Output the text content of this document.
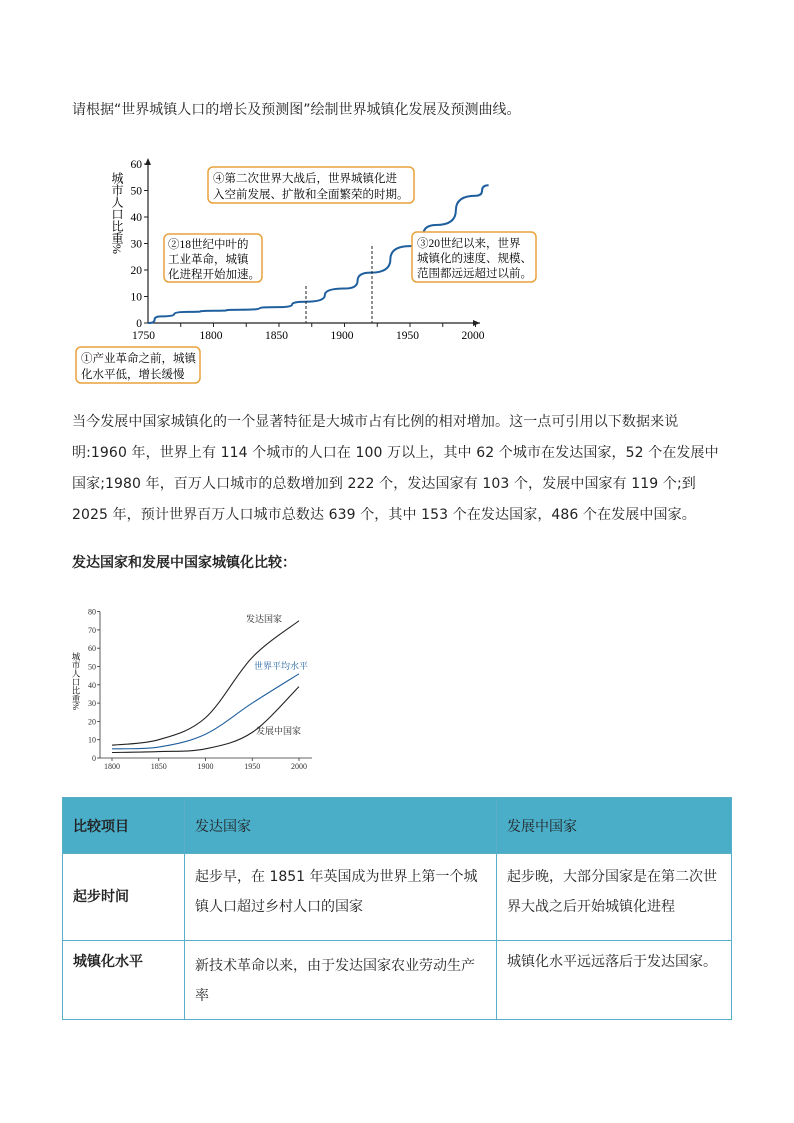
请根据“世界城镇人口的增长及预测图”绘制世界城镇化发展及预测曲线。

0
10
20
30
40
50
60
1750	1800	1850	1900	1950	2000
城市人口比重%
①产业革命之前，城镇
化水平低，增长缓慢
②18世纪中叶的
工业革命，城镇
化进程开始加速。
③20世纪以来，世界
城镇化的速度、规模、
范围都远远超过以前。
④第二次世界大战后，世界城镇化进
入空前发展、扩散和全面繁荣的时期。

当今发展中国家城镇化的一个显著特征是大城市占有比例的相对增加。这一点可引用以下数据来说明:1960 年，世界上有 114 个城市的人口在 100 万以上，其中 62 个城市在发达国家，52 个在发展中国家;1980 年，百万人口城市的总数增加到 222 个，发达国家有 103 个，发展中国家有 119 个;到 2025 年，预计世界百万人口城市总数达 639 个，其中 153 个在发达国家，486 个在发展中国家。

发达国家和发展中国家城镇化比较：

0
10
20
30
40
50
60
70
80
1800	1850	1900	1950	2000
发达国家
世界平均水平
发展中国家
城市人口比重%
比较项目	发达国家	发展中国家
起步时间	起步早，在 1851 年英国成为世界上第一个城镇人口超过乡村人口的国家	起步晚，大部分国家是在第二次世界大战之后开始城镇化进程
城镇化水平	新技术革命以来，由于发达国家农业劳动生产率	城镇化水平远远落后于发达国家。
